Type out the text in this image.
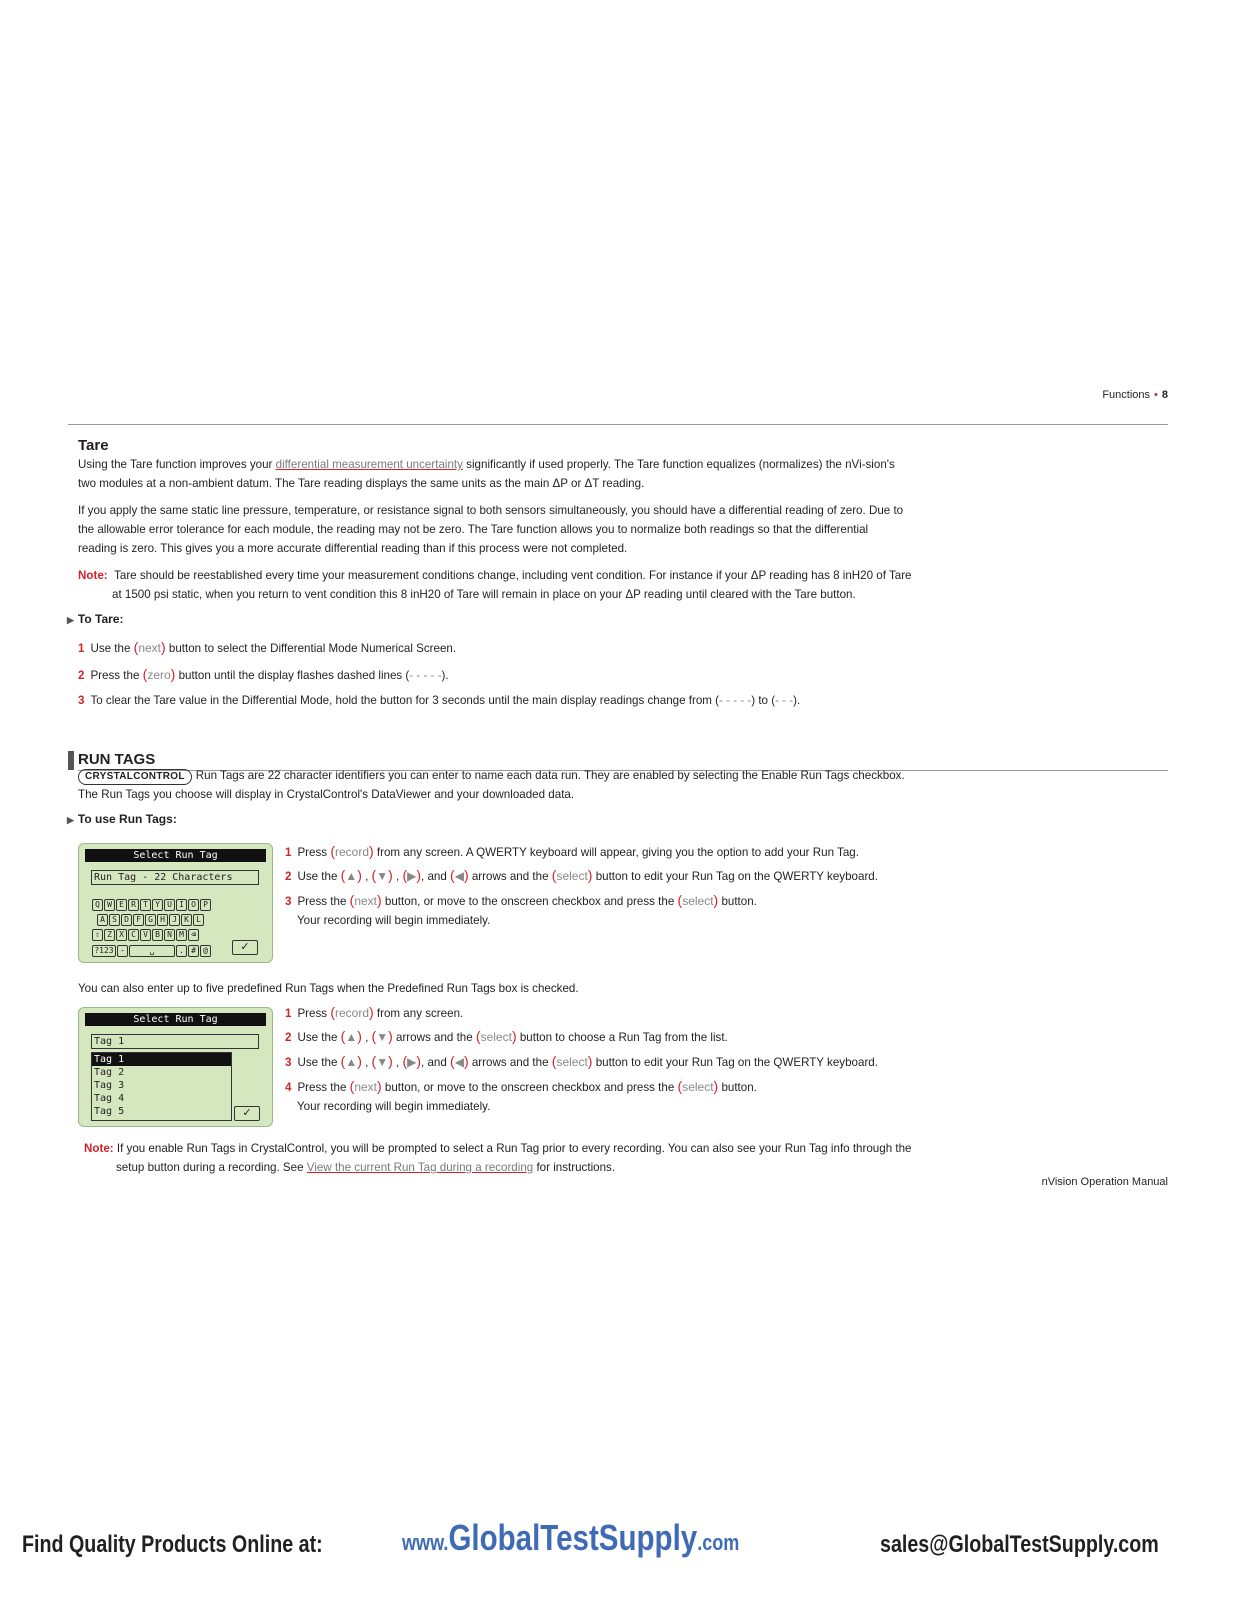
Functions • 8
Tare
Using the Tare function improves your differential measurement uncertainty significantly if used properly. The Tare function equalizes (normalizes) the nVi-sion's two modules at a non-ambient datum. The Tare reading displays the same units as the main ΔP or ΔT reading.
If you apply the same static line pressure, temperature, or resistance signal to both sensors simultaneously, you should have a differential reading of zero. Due to the allowable error tolerance for each module, the reading may not be zero. The Tare function allows you to normalize both readings so that the differential reading is zero. This gives you a more accurate differential reading than if this process were not completed.
Note: Tare should be reestablished every time your measurement conditions change, including vent condition. For instance if your ΔP reading has 8 inH20 of Tare at 1500 psi static, when you return to vent condition this 8 inH20 of Tare will remain in place on your ΔP reading until cleared with the Tare button.
▶ To Tare:
1 Use the (next) button to select the Differential Mode Numerical Screen.
2 Press the (zero) button until the display flashes dashed lines (- - - - -).
3 To clear the Tare value in the Differential Mode, hold the button for 3 seconds until the main display readings change from (- - - - -) to (- - -).
RUN TAGS
CRYSTALCONTROL Run Tags are 22 character identifiers you can enter to name each data run. They are enabled by selecting the Enable Run Tags checkbox.
The Run Tags you choose will display in CrystalControl's DataViewer and your downloaded data.
▶ To use Run Tags:
Select Run Tag
Run Tag - 22 Characters
Q W E R T Y U I O P
A S D F G H J K L
⇧ Z X C V B N M ⌫
?123 -	␣	. # @	✓
1 Press (record) from any screen. A QWERTY keyboard will appear, giving you the option to add your Run Tag.
2 Use the (▲) , (▼) , (▶), and (◀) arrows and the (select) button to edit your Run Tag on the QWERTY keyboard.
3 Press the (next) button, or move to the onscreen checkbox and press the (select) button.
Your recording will begin immediately.
You can also enter up to five predefined Run Tags when the Predefined Run Tags box is checked.
Select Run Tag
Tag 1
Tag 1
Tag 2
Tag 3
Tag 4
Tag 5	✓
1 Press (record) from any screen.
2 Use the (▲) , (▼) arrows and the (select) button to choose a Run Tag from the list.
3 Use the (▲) , (▼) , (▶), and (◀) arrows and the (select) button to edit your Run Tag on the QWERTY keyboard.
4 Press the (next) button, or move to the onscreen checkbox and press the (select) button.
Your recording will begin immediately.
Note: If you enable Run Tags in CrystalControl, you will be prompted to select a Run Tag prior to every recording. You can also see your Run Tag info through the setup button during a recording. See View the current Run Tag during a recording for instructions.
nVision Operation Manual
Find Quality Products Online at:	www.GlobalTestSupply.com	sales@GlobalTestSupply.com
